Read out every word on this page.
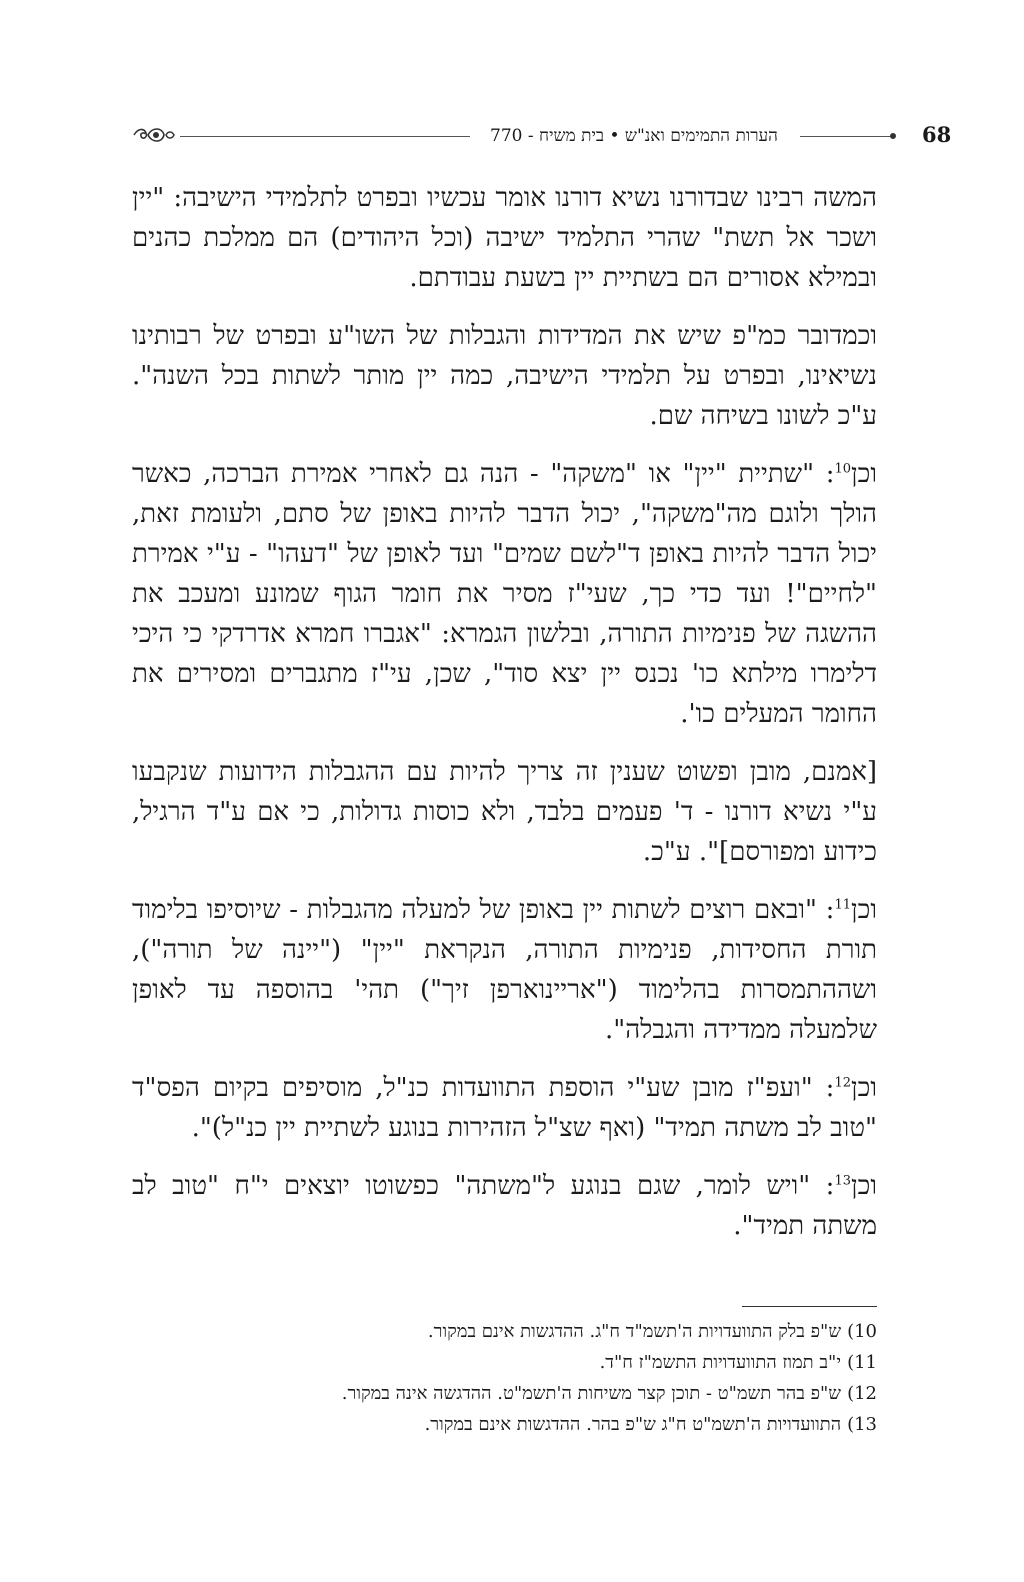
הערות התמימים ואנ"ש • בית משיח - 770	68

המשה רבינו שבדורנו נשיא דורנו אומר עכשיו ובפרט לתלמידי הישיבה: "יין ושכר אל תשת" שהרי התלמיד ישיבה (וכל היהודים) הם ממלכת כהנים ובמילא אסורים הם בשתיית יין בשעת עבודתם.

וכמדובר כמ"פ שיש את המדידות והגבלות של השו"ע ובפרט של רבותינו נשיאינו, ובפרט על תלמידי הישיבה, כמה יין מותר לשתות בכל השנה". ע"כ לשונו בשיחה שם.

וכן$^{10}$: "שתיית "יין" או "משקה" - הנה גם לאחרי אמירת הברכה, כאשר הולך ולוגם מה"משקה", יכול הדבר להיות באופן של סתם, ולעומת זאת, יכול הדבר להיות באופן ד"לשם שמים" ועד לאופן של "דעהו" - ע"י אמירת "לחיים"! ועד כדי כך, שעי"ז מסיר את חומר הגוף שמונע ומעכב את ההשגה של פנימיות התורה, ובלשון הגמרא: "אגברו חמרא אדרדקי כי היכי דלימרו מילתא כו' נכנס יין יצא סוד", שכן, עי"ז מתגברים ומסירים את החומר המעלים כו'.

[אמנם, מובן ופשוט שענין זה צריך להיות עם ההגבלות הידועות שנקבעו ע"י נשיא דורנו - ד' פעמים בלבד, ולא כוסות גדולות, כי אם ע"ד הרגיל, כידוע ומפורסם]". ע"כ.

וכן$^{11}$: "ובאם רוצים לשתות יין באופן של למעלה מהגבלות - שיוסיפו בלימוד תורת החסידות, פנימיות התורה, הנקראת "יין" ("יינה של תורה"), ושההתמסרות בהלימוד ("אריינוארפן זיך") תהי' בהוספה עד לאופן שלמעלה ממדידה והגבלה".

וכן$^{12}$: "ועפ"ז מובן שע"י הוספת התוועדות כנ"ל, מוסיפים בקיום הפס"ד "טוב לב משתה תמיד" (ואף שצ"ל הזהירות בנוגע לשתיית יין כנ"ל)".

וכן$^{13}$: "ויש לומר, שגם בנוגע ל"משתה" כפשוטו יוצאים י"ח "טוב לב משתה תמיד".

10)ש"פ בלק התוועדויות ה'תשמ"ד ח"ג. ההדגשות אינם במקור.

11)י"ב תמוז התוועדויות התשמ"ז ח"ד.

12)ש"פ בהר תשמ"ט - תוכן קצר משיחות ה'תשמ"ט. ההדגשה אינה במקור.

13)התוועדויות ה'תשמ"ט ח"ג ש"פ בהר. ההדגשות אינם במקור.
